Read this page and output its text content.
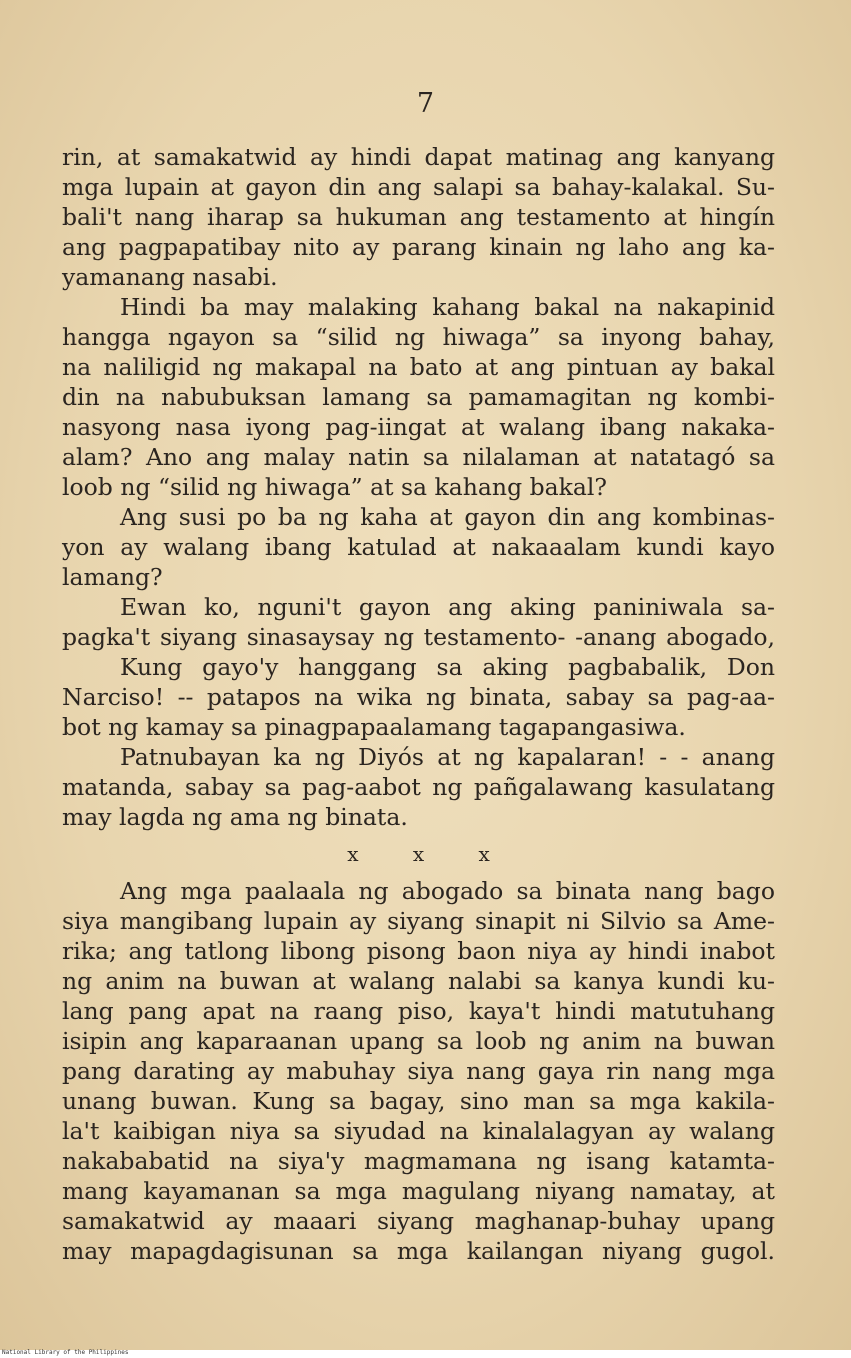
7
rin, at samakatwid ay hindi dapat matinag ang kanyang
mga lupain at gayon din ang salapi sa bahay-kalakal. Su-
bali't nang iharap sa hukuman ang testamento at hingín
ang pagpapatibay nito ay parang kinain ng laho ang ka-
yamanang nasabi.
Hindi ba may malaking kahang bakal na nakapinid
hangga ngayon sa “silid ng hiwaga” sa inyong bahay,
na naliligid ng makapal na bato at ang pintuan ay bakal
din na nabubuksan lamang sa pamamagitan ng kombi-
nasyong nasa iyong pag-iingat at walang ibang nakaka-
alam? Ano ang malay natin sa nilalaman at natatagó sa
loob ng “silid ng hiwaga” at sa kahang bakal?
Ang susi po ba ng kaha at gayon din ang kombinas-
yon ay walang ibang katulad at nakaaalam kundi kayo
lamang?
Ewan ko, nguni't gayon ang aking paniniwala sa-
pagka't siyang sinasaysay ng testamento- -anang abogado,
Kung gayo'y hanggang sa aking pagbabalik, Don
Narciso! -- patapos na wika ng binata, sabay sa pag-aa-
bot ng kamay sa pinagpapaalamang tagapangasiwa.
Patnubayan ka ng Diyós at ng kapalaran! - - anang
matanda, sabay sa pag-aabot ng pañgalawang kasulatang
may lagda ng ama ng binata.
x x x
Ang mga paalaala ng abogado sa binata nang bago
siya mangibang lupain ay siyang sinapit ni Silvio sa Ame-
rika; ang tatlong libong pisong baon niya ay hindi inabot
ng anim na buwan at walang nalabi sa kanya kundi ku-
lang pang apat na raang piso, kaya't hindi matutuhang
isipin ang kaparaanan upang sa loob ng anim na buwan
pang darating ay mabuhay siya nang gaya rin nang mga
unang buwan. Kung sa bagay, sino man sa mga kakila-
la't kaibigan niya sa siyudad na kinalalagyan ay walang
nakababatid na siya'y magmamana ng isang katamta-
mang kayamanan sa mga magulang niyang namatay, at
samakatwid ay maaari siyang maghanap-buhay upang
may mapagdagisunan sa mga kailangan niyang gugol.
National Library of the Philippines
